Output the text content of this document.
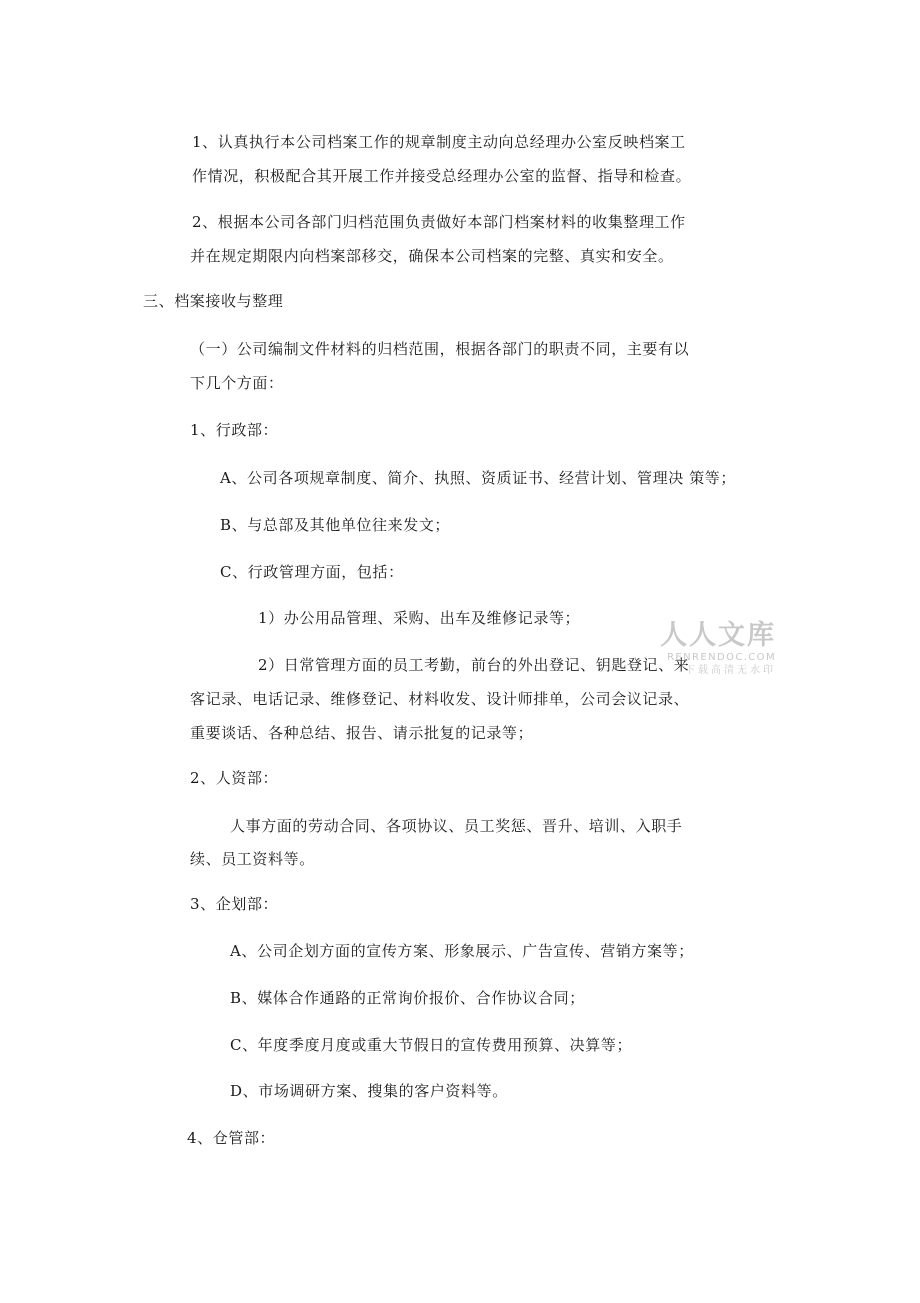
1、认真执行本公司档案工作的规章制度主动向总经理办公室反映档案工
作情况，积极配合其开展工作并接受总经理办公室的监督、指导和检查。
2、根据本公司各部门归档范围负责做好本部门档案材料的收集整理工作
并在规定期限内向档案部移交，确保本公司档案的完整、真实和安全。
三、档案接收与整理
（一）公司编制文件材料的归档范围，根据各部门的职责不同，主要有以
下几个方面：
1、行政部：
A、公司各项规章制度、简介、执照、资质证书、经营计划、管理决 策等；
B、与总部及其他单位往来发文；
C、行政管理方面，包括：
1）办公用品管理、采购、出车及维修记录等；
2）日常管理方面的员工考勤，前台的外出登记、钥匙登记、来
客记录、电话记录、维修登记、材料收发、设计师排单，公司会议记录、
重要谈话、各种总结、报告、请示批复的记录等；
2、人资部：
人事方面的劳动合同、各项协议、员工奖惩、晋升、培训、入职手
续、员工资料等。
3、企划部：
A、公司企划方面的宣传方案、形象展示、广告宣传、营销方案等；
B、媒体合作通路的正常询价报价、合作协议合同；
C、年度季度月度或重大节假日的宣传费用预算、决算等；
D、市场调研方案、搜集的客户资料等。
4、仓管部：
人人文库
RENRENDOC.COM
下载高清无水印
